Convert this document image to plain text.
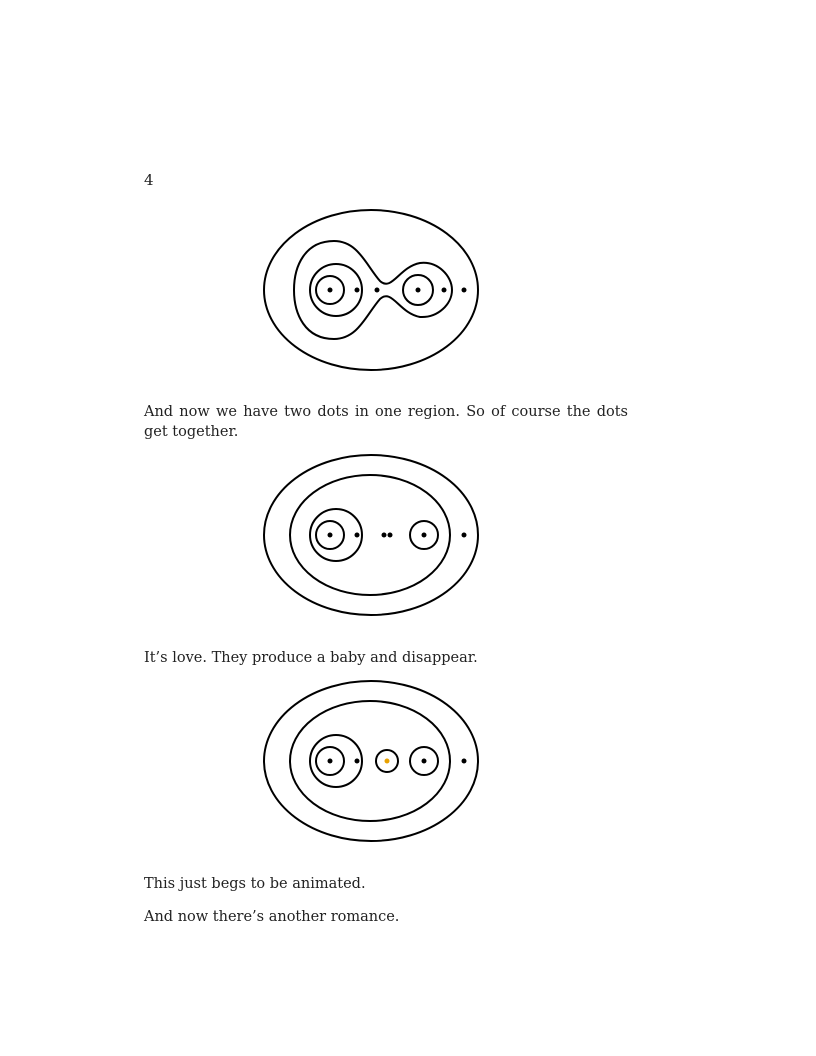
4

And now we have two dots in one region. So of course the dots get together.

It’s love. They produce a baby and disappear.

This just begs to be animated.

And now there’s another romance.
